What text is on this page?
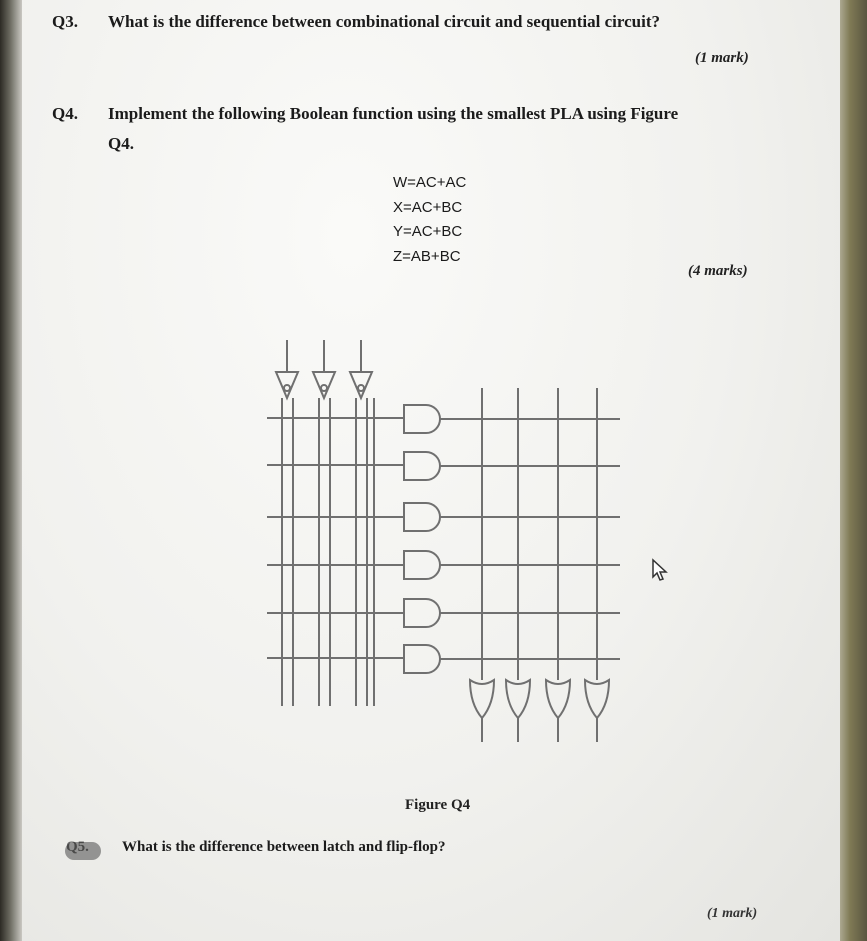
Q3. What is the difference between combinational circuit and sequential circuit?
(1 mark)
Q4. Implement the following Boolean function using the smallest PLA using Figure
Q4.
W=AC+AC
X=AC+BC
Y=AC+BC
Z=AB+BC
(4 marks)
Figure Q4
Q5. What is the difference between latch and flip-flop?
(1 mark)
